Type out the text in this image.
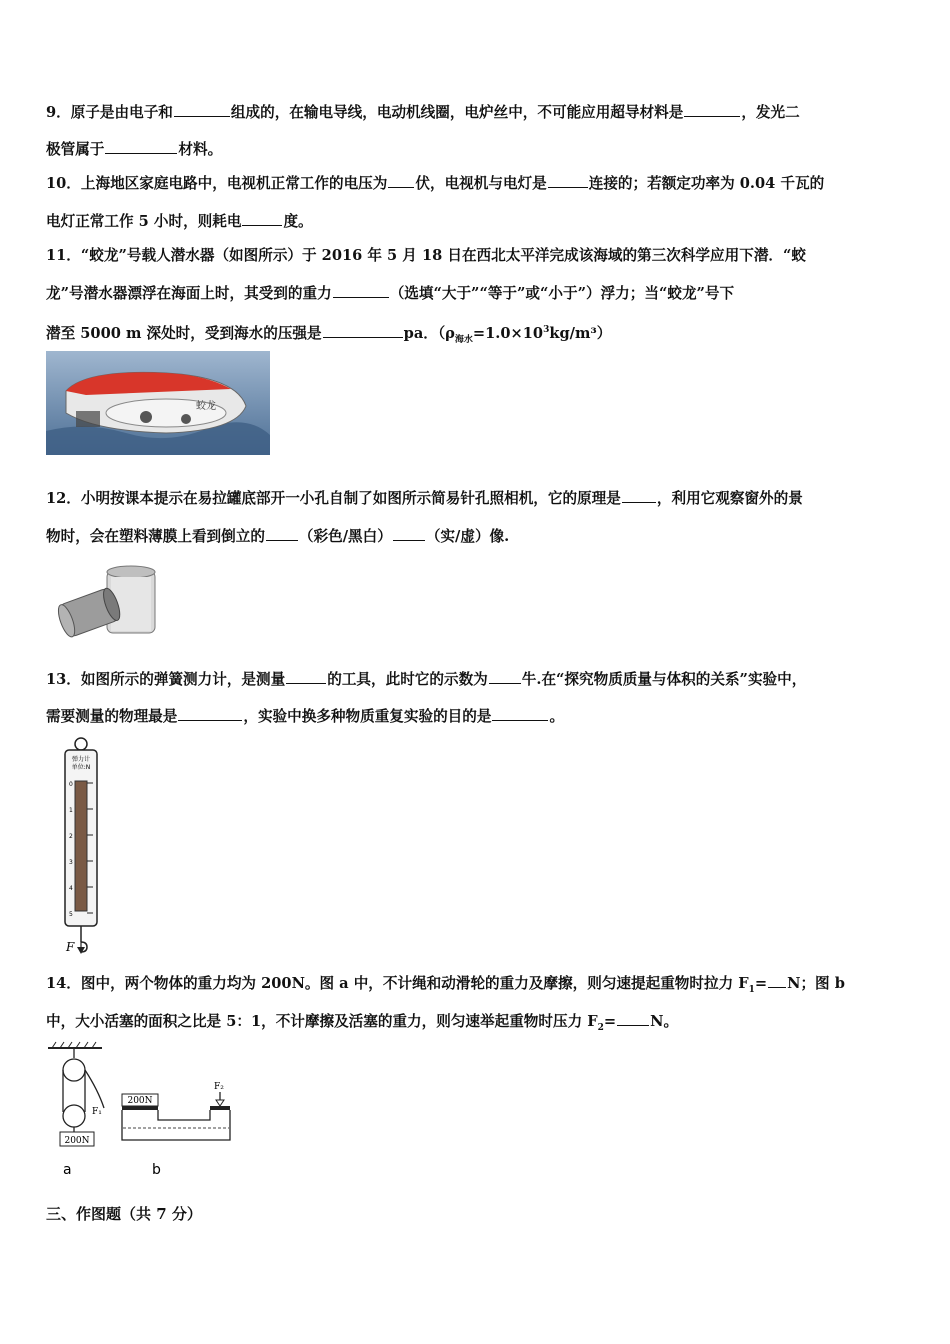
9．原子是由电子和	组成的，在输电导线，电动机线圈，电炉丝中，不可能应用超导材料是	，发光二
极管属于	材料。
10．上海地区家庭电路中，电视机正常工作的电压为 伏，电视机与电灯是	连接的；若额定功率为 0.04 千瓦的
电灯正常工作 5 小时，则耗电	度。
11．“蛟龙”号载人潜水器（如图所示）于 2016 年 5 月 18 日在西北太平洋完成该海域的第三次科学应用下潜．“蛟
龙”号潜水器漂浮在海面上时，其受到的重力	（选填“大于”“等于”或“小于”）浮力；当“蛟龙”号下
潜至 5000 m 深处时，受到海水的压强是	pa．$(\rho_{海水}=1.0\times 10^3kg/m^3)$
蛟龙
12．小明按课本提示在易拉罐底部开一小孔自制了如图所示简易针孔照相机，它的原理是 ，利用它观察窗外的景
物时，会在塑料薄膜上看到倒立的 （彩色/黑白） （实/虚）像.
13．如图所示的弹簧测力计，是测量	的工具，此时它的示数为 牛.在“探究物质质量与体积的关系”实验中，
需要测量的物理最是	，实验中换多种物质重复实验的目的是	。
弹力计单位:N
0
1
2
3
4
5
F
14．图中，两个物体的重力均为 200N。图 a 中，不计绳和动滑轮的重力及摩擦，则匀速提起重物时拉力 $F_1= N$；图 b
中，大小活塞的面积之比是 5：1，不计摩擦及活塞的重力，则匀速举起重物时压力 $F_2= N$。
200N
F₁
a
200N
F₂
b
三、作图题（共 7 分）
